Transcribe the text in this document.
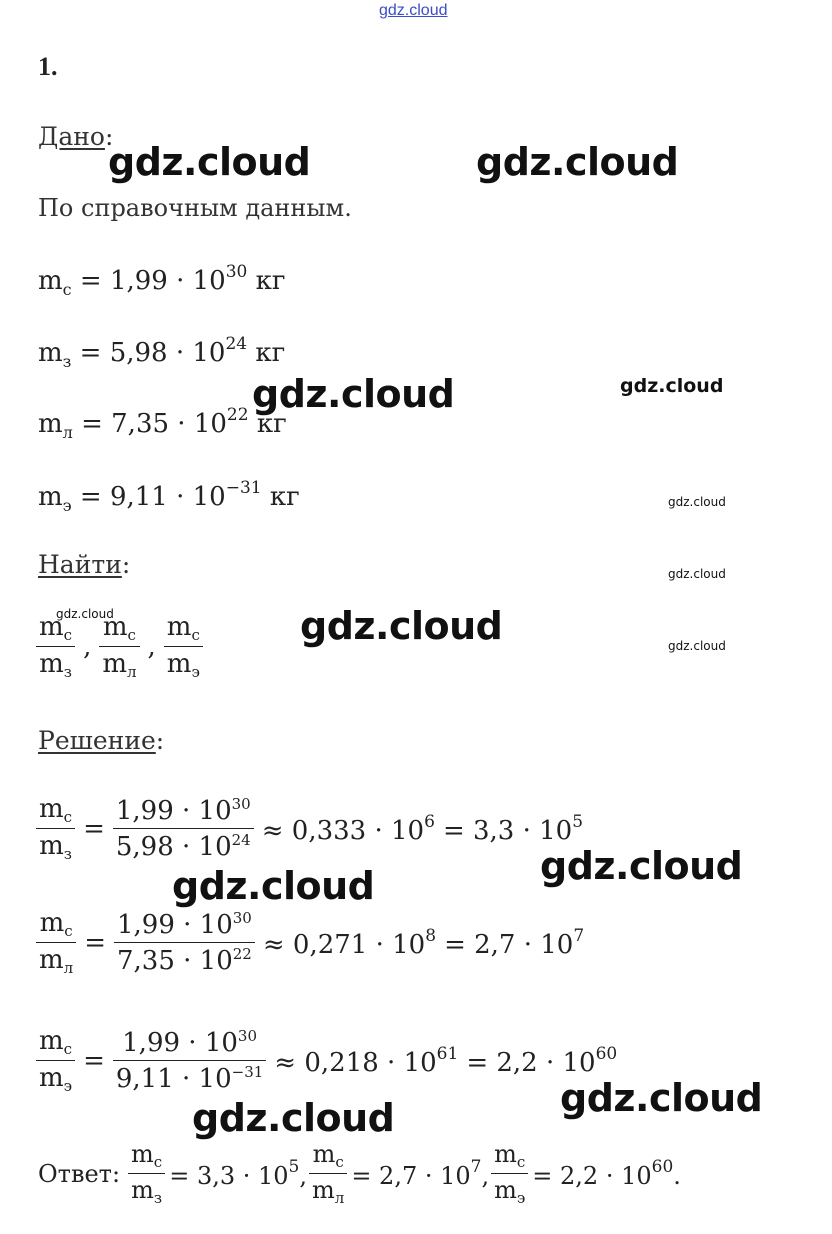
gdz.cloud
1.
Дано:
По справочным данным.
$m_с = 1,99 \cdot 10^{30}$ кг
$m_з = 5,98 \cdot 10^{24}$ кг
$m_л = 7,35 \cdot 10^{22}$ кг
$m_э = 9,11 \cdot 10^{-31}$ кг
Найти:
$\frac{m_с}{m_з}$ , $\frac{m_с}{m_л}$ , $\frac{m_с}{m_э}$
Решение:
$\frac{m_с}{m_з} = \frac{1,99 \cdot 10^{30}}{5,98 \cdot 10^{24}} \approx 0,333 \cdot 10^6 = 3,3 \cdot 10^5$
$\frac{m_с}{m_л} = \frac{1,99 \cdot 10^{30}}{7,35 \cdot 10^{22}} \approx 0,271 \cdot 10^8 = 2,7 \cdot 10^7$
$\frac{m_с}{m_э} = \frac{1,99 \cdot 10^{30}}{9,11 \cdot 10^{-31}} \approx 0,218 \cdot 10^{61} = 2,2 \cdot 10^{60}$
Ответ: $\frac{m_с}{m_з} = 3,3 \cdot 10^5$, $\frac{m_с}{m_л} = 2,7 \cdot 10^7$, $\frac{m_с}{m_э} = 2,2 \cdot 10^{60}$.
gdz.cloud	gdz.cloud
gdz.cloud	gdz.cloud
gdz.cloud
gdz.cloud
gdz.cloud	gdz.cloud	gdz.cloud
gdz.cloud
gdz.cloud
gdz.cloud
gdz.cloud
